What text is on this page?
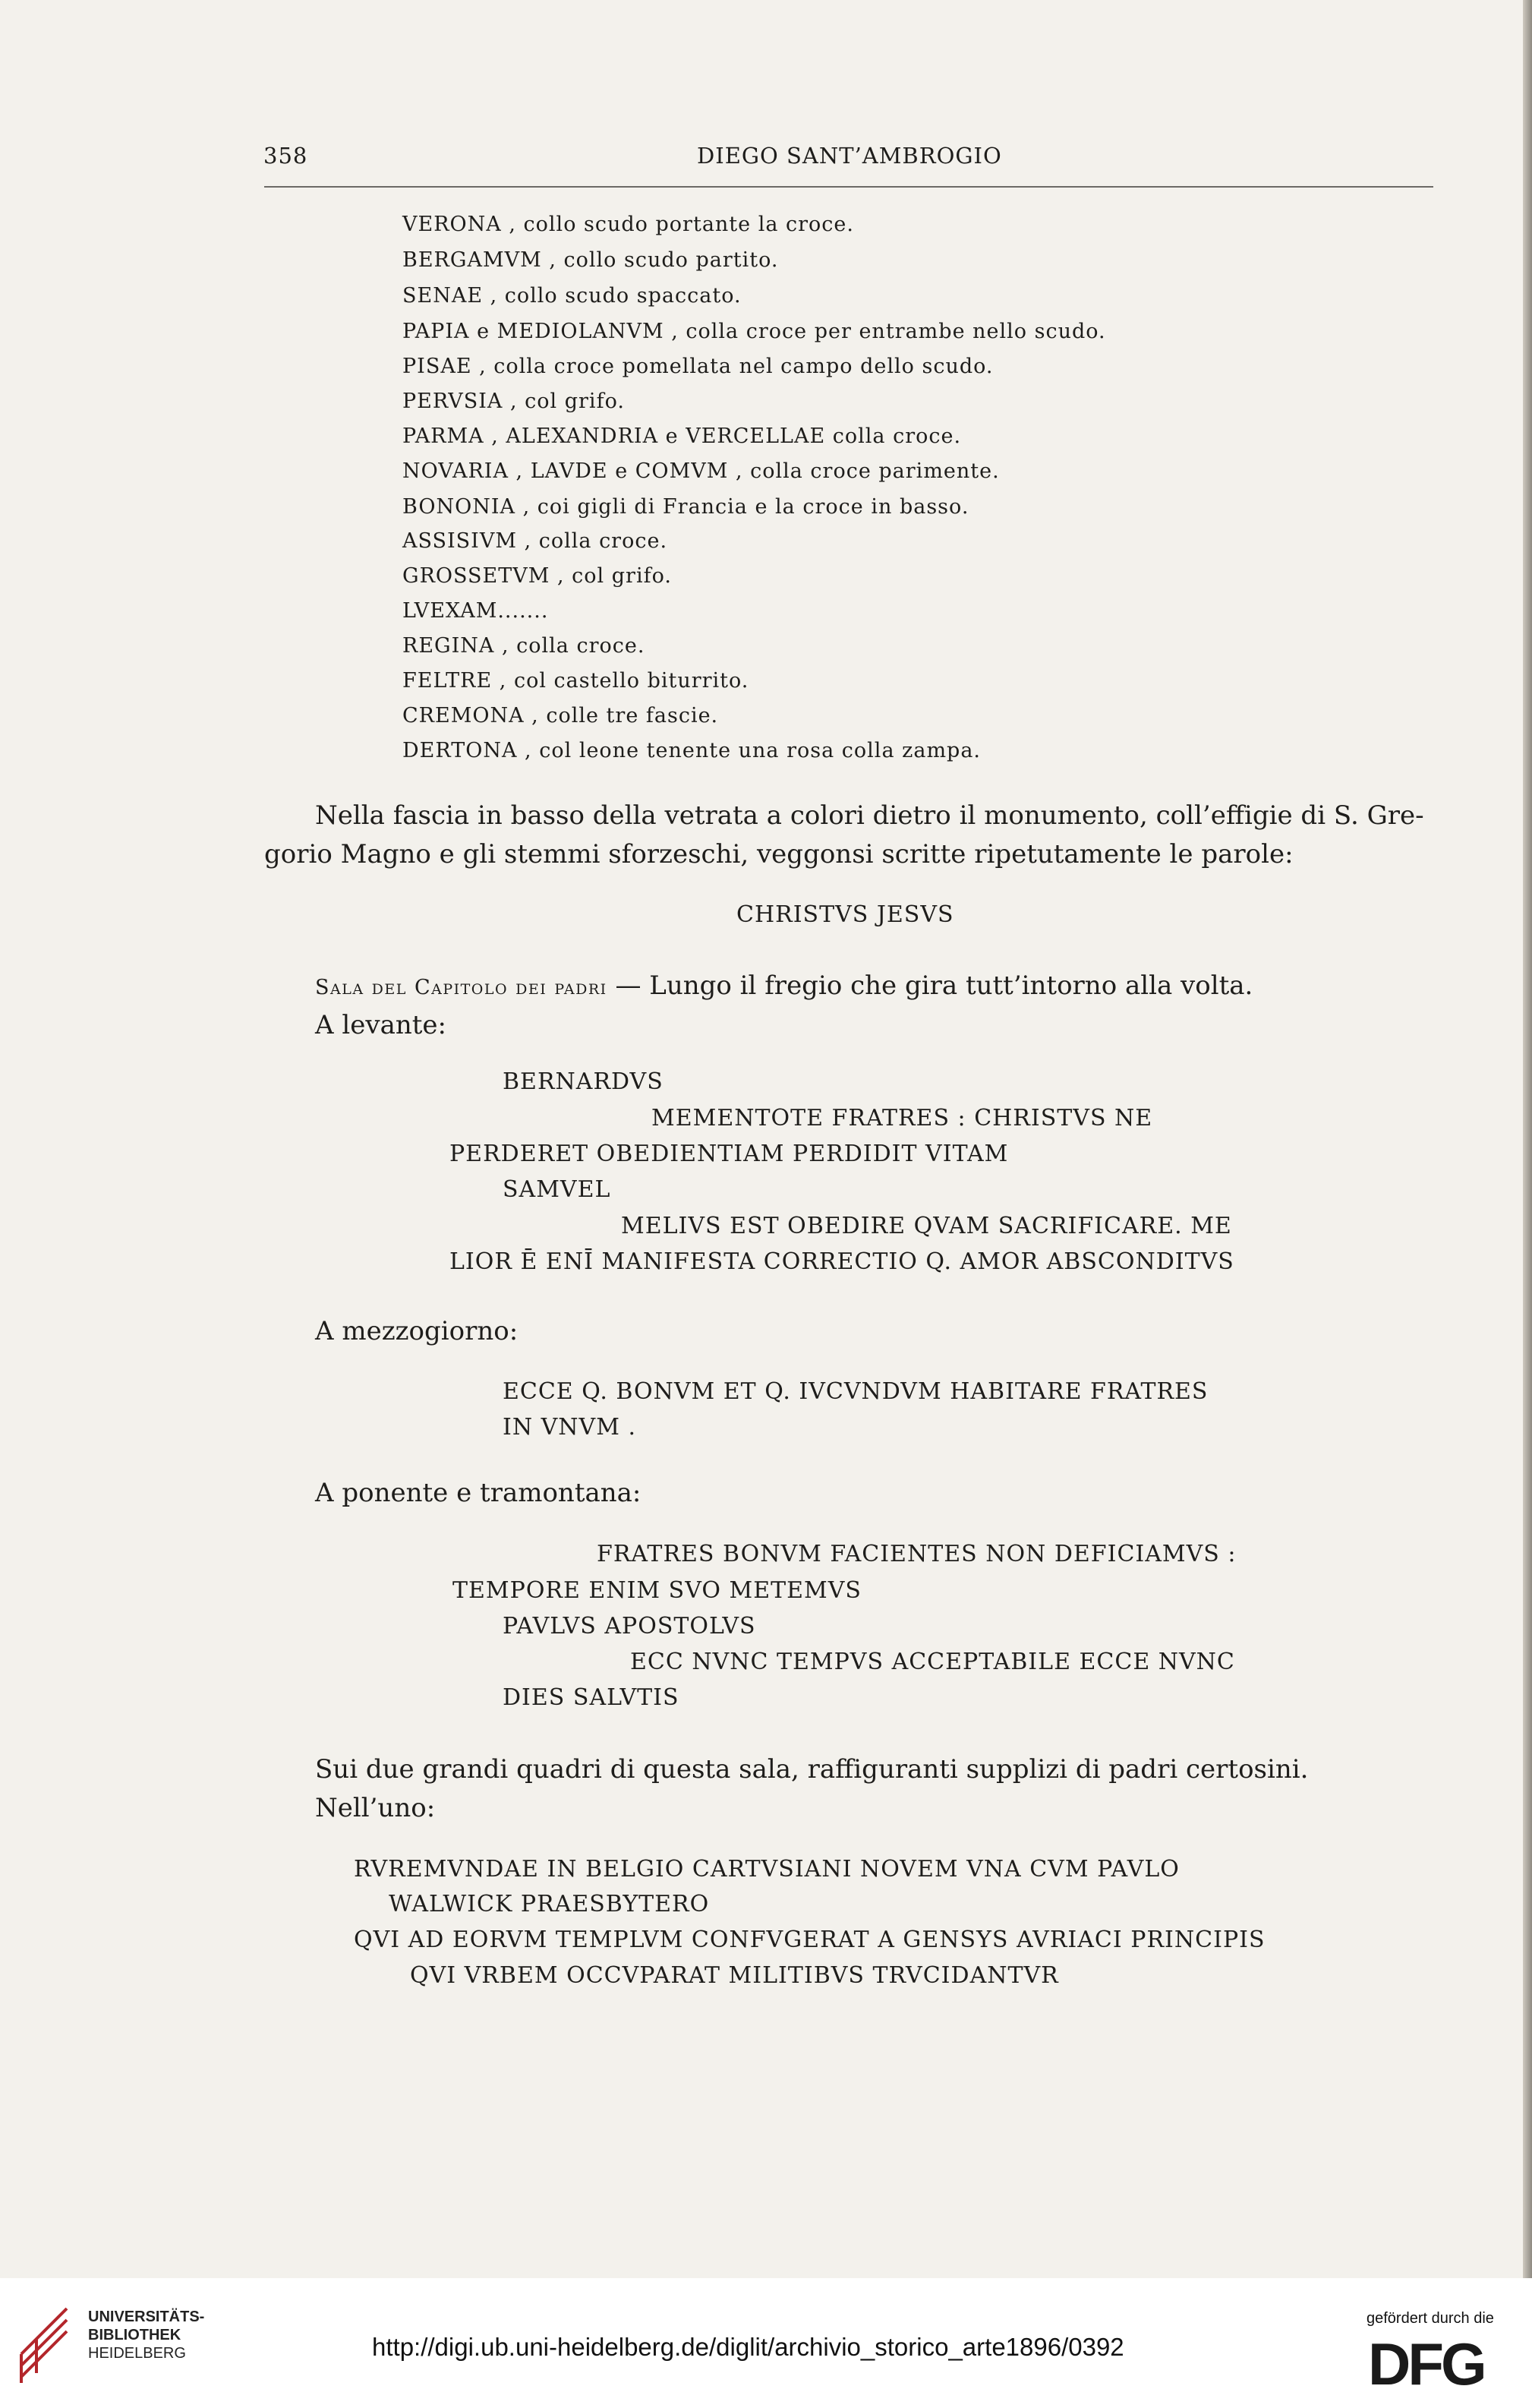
358	DIEGO SANT’AMBROGIO
VERONA , collo scudo portante la croce.
BERGAMVM , collo scudo partito.
SENAE , collo scudo spaccato.
PAPIA e MEDIOLANVM , colla croce per entrambe nello scudo.
PISAE , colla croce pomellata nel campo dello scudo.
PERVSIA , col grifo.
PARMA , ALEXANDRIA e VERCELLAE colla croce.
NOVARIA , LAVDE e COMVM , colla croce parimente.
BONONIA , coi gigli di Francia e la croce in basso.
ASSISIVM , colla croce.
GROSSETVM , col grifo.
LVEXAM.......
REGINA , colla croce.
FELTRE , col castello biturrito.
CREMONA , colle tre fascie.
DERTONA , col leone tenente una rosa colla zampa.
Nella fascia in basso della vetrata a colori dietro il monumento, coll’effigie di S. Gre-
gorio Magno e gli stemmi sforzeschi, veggonsi scritte ripetutamente le parole:
CHRISTVS JESVS
Sala del Capitolo dei padri — Lungo il fregio che gira tutt’intorno alla volta.
A levante:
BERNARDVS
MEMENTOTE FRATRES : CHRISTVS NE
PERDERET OBEDIENTIAM PERDIDIT VITAM
SAMVEL
MELIVS EST OBEDIRE QVAM SACRIFICARE. ME
LIOR Ē ENĪ MANIFESTA CORRECTIO Q. AMOR ABSCONDITVS
A mezzogiorno:
ECCE Q. BONVM ET Q. IVCVNDVM HABITARE FRATRES
IN VNVM .
A ponente e tramontana:
FRATRES BONVM FACIENTES NON DEFICIAMVS :
TEMPORE ENIM SVO METEMVS
PAVLVS APOSTOLVS
ECC NVNC TEMPVS ACCEPTABILE ECCE NVNC
DIES SALVTIS
Sui due grandi quadri di questa sala, raffiguranti supplizi di padri certosini.
Nell’uno:
RVREMVNDAE IN BELGIO CARTVSIANI NOVEM VNA CVM PAVLO
WALWICK PRAESBYTERO
QVI AD EORVM TEMPLVM CONFVGERAT A GENSYS AVRIACI PRINCIPIS
QVI VRBEM OCCVPARAT MILITIBVS TRVCIDANTVR
UNIVERSITÄTS-
BIBLIOTHEK
HEIDELBERG	http://digi.ub.uni-heidelberg.de/diglit/archivio_storico_arte1896/0392
gefördert durch die
DFG
